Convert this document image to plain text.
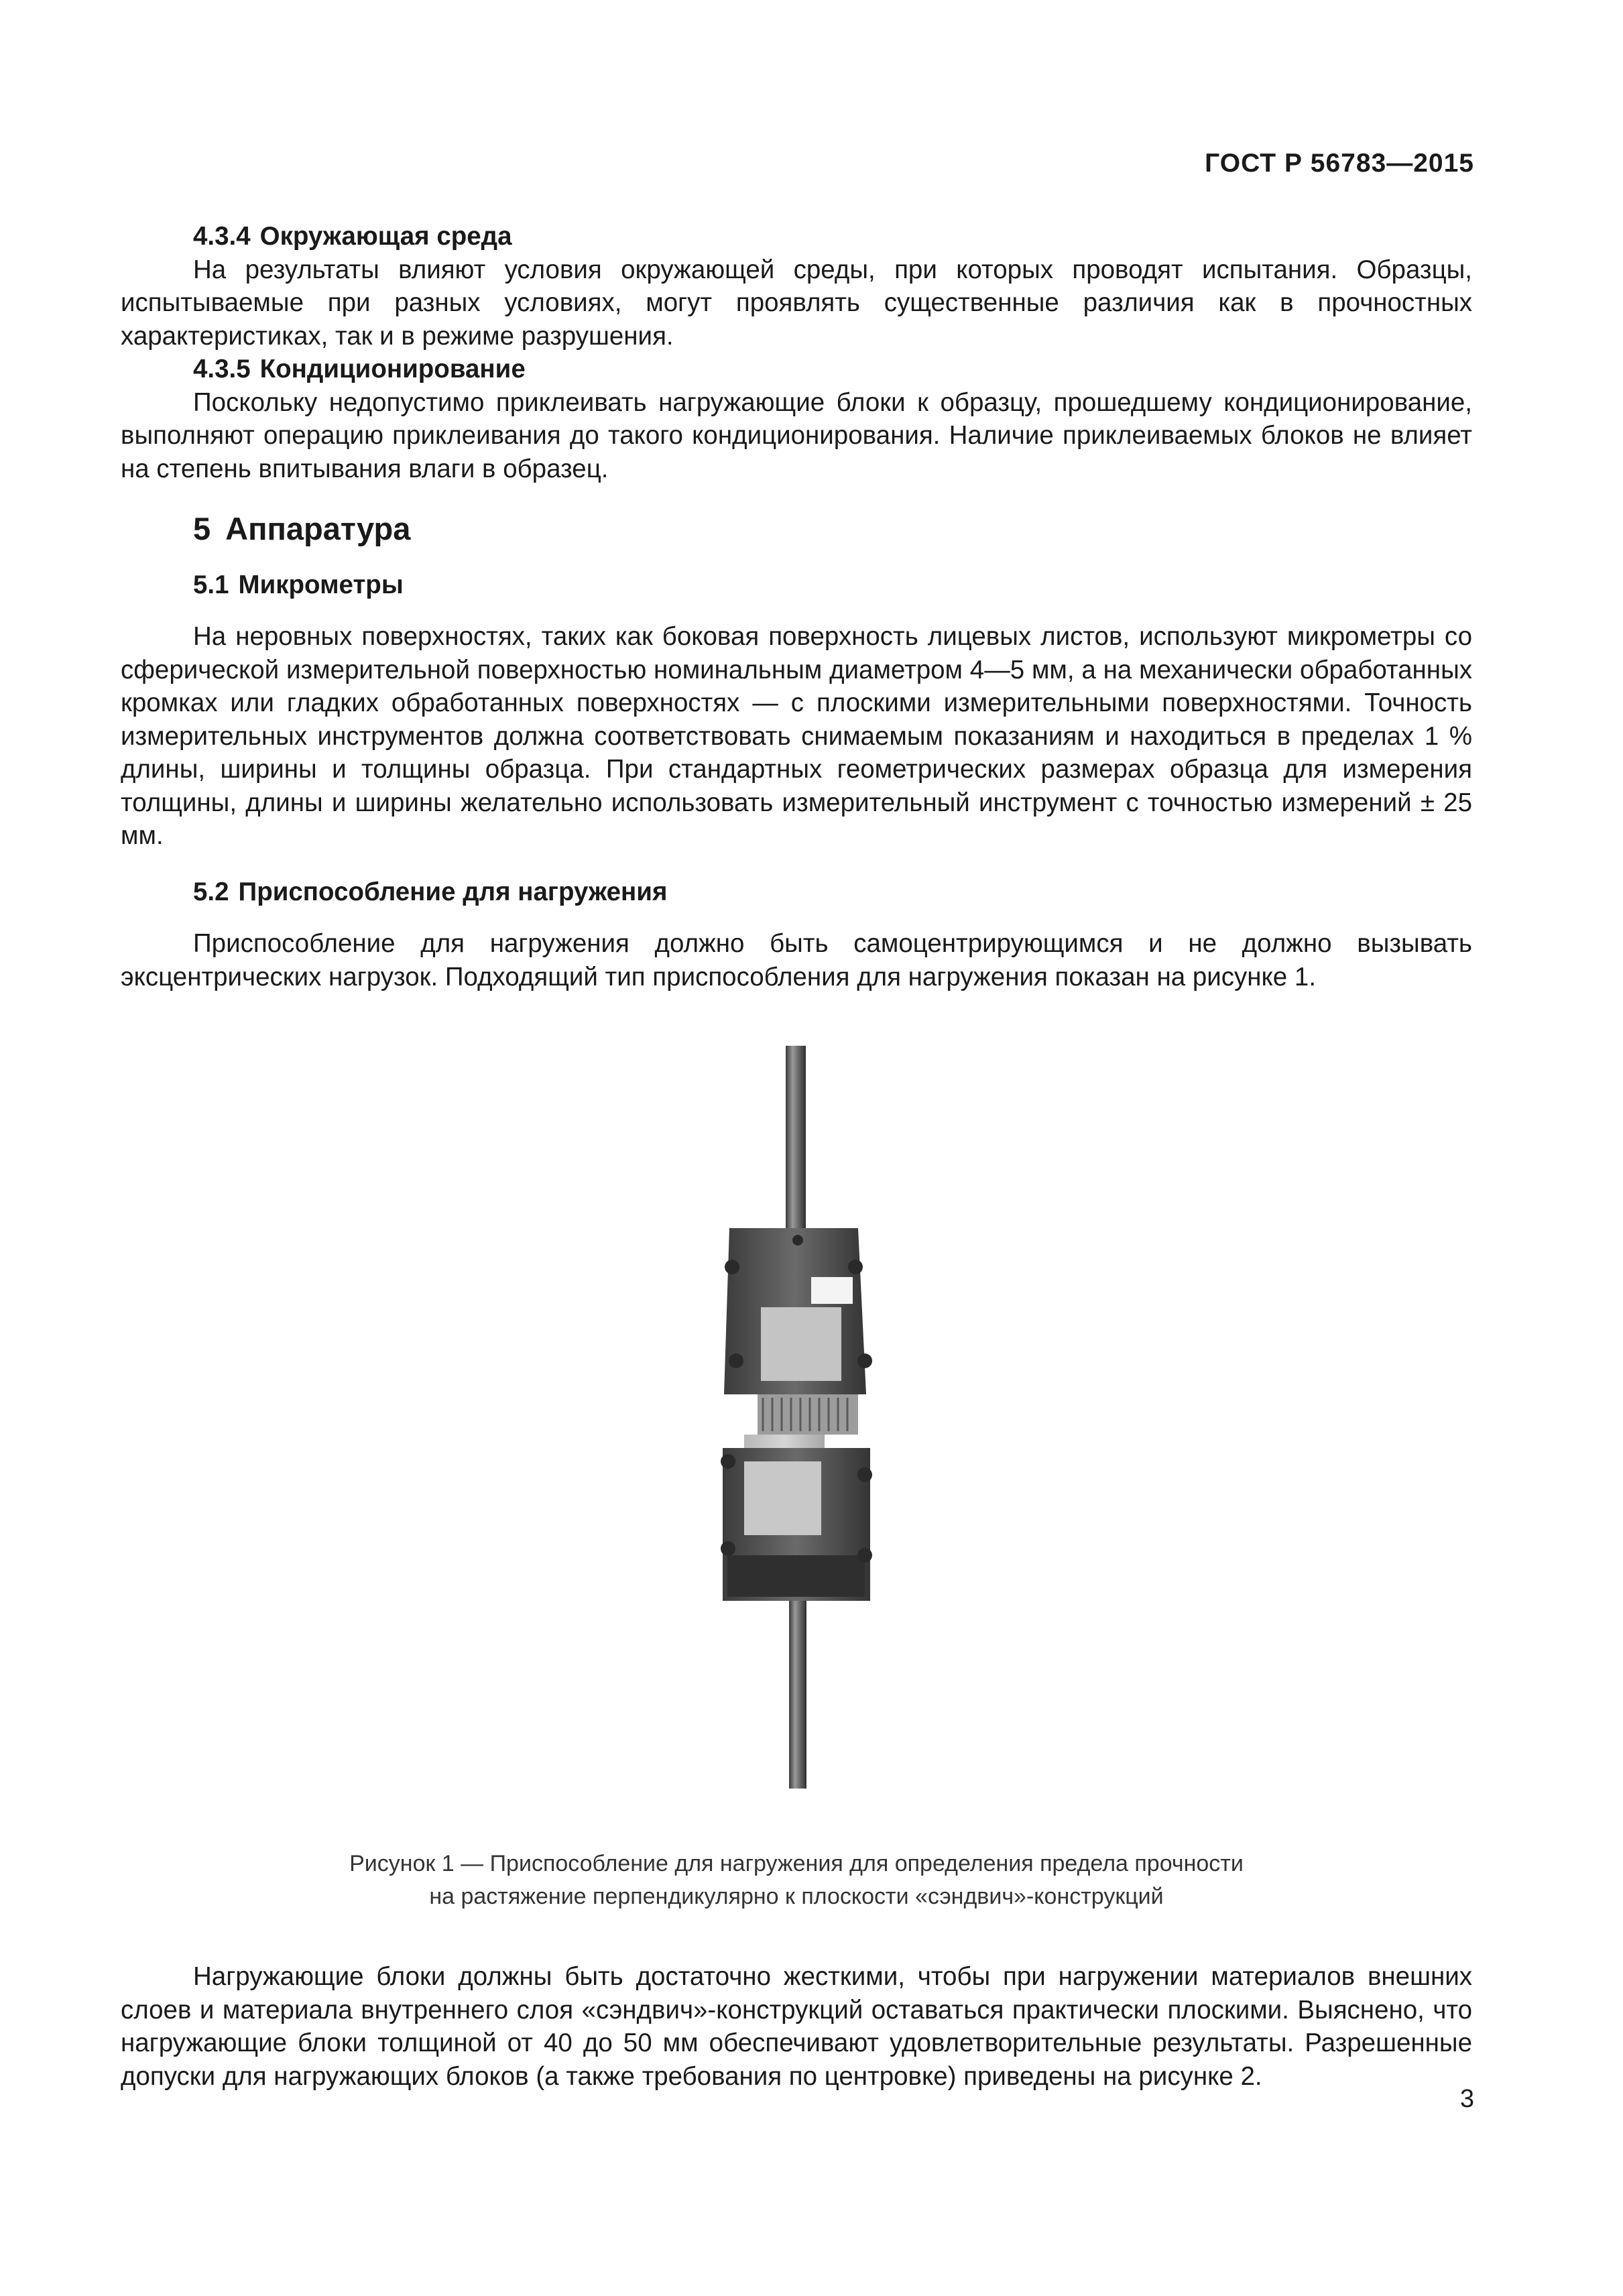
ГОСТ Р 56783—2015
4.3.4 Окружающая среда

На результаты влияют условия окружающей среды, при которых проводят испытания. Образцы, испытываемые при разных условиях, могут проявлять существенные различия как в прочностных характеристиках, так и в режиме разрушения.

4.3.5 Кондиционирование

Поскольку недопустимо приклеивать нагружающие блоки к образцу, прошедшему кондиционирование, выполняют операцию приклеивания до такого кондиционирования. Наличие приклеиваемых блоков не влияет на степень впитывания влаги в образец.

5 Аппаратура
5.1 Микрометры

На неровных поверхностях, таких как боковая поверхность лицевых листов, используют микрометры со сферической измерительной поверхностью номинальным диаметром 4—5 мм, а на механически обработанных кромках или гладких обработанных поверхностях — с плоскими измерительными поверхностями. Точность измерительных инструментов должна соответствовать снимаемым показаниям и находиться в пределах 1 % длины, ширины и толщины образца. При стандартных геометрических размерах образца для измерения толщины, длины и ширины желательно использовать измерительный инструмент с точностью измерений ± 25 мм.

5.2 Приспособление для нагружения

Приспособление для нагружения должно быть самоцентрирующимся и не должно вызывать эксцентрических нагрузок. Подходящий тип приспособления для нагружения показан на рисунке 1.

Рисунок 1 — Приспособление для нагружения для определения предела прочности
на растяжение перпендикулярно к плоскости «сэндвич»-конструкций

Нагружающие блоки должны быть достаточно жесткими, чтобы при нагружении материалов внешних слоев и материала внутреннего слоя «сэндвич»-конструкций оставаться практически плоскими. Выяснено, что нагружающие блоки толщиной от 40 до 50 мм обеспечивают удовлетворительные результаты. Разрешенные допуски для нагружающих блоков (а также требования по центровке) приведены на рисунке 2.

3
